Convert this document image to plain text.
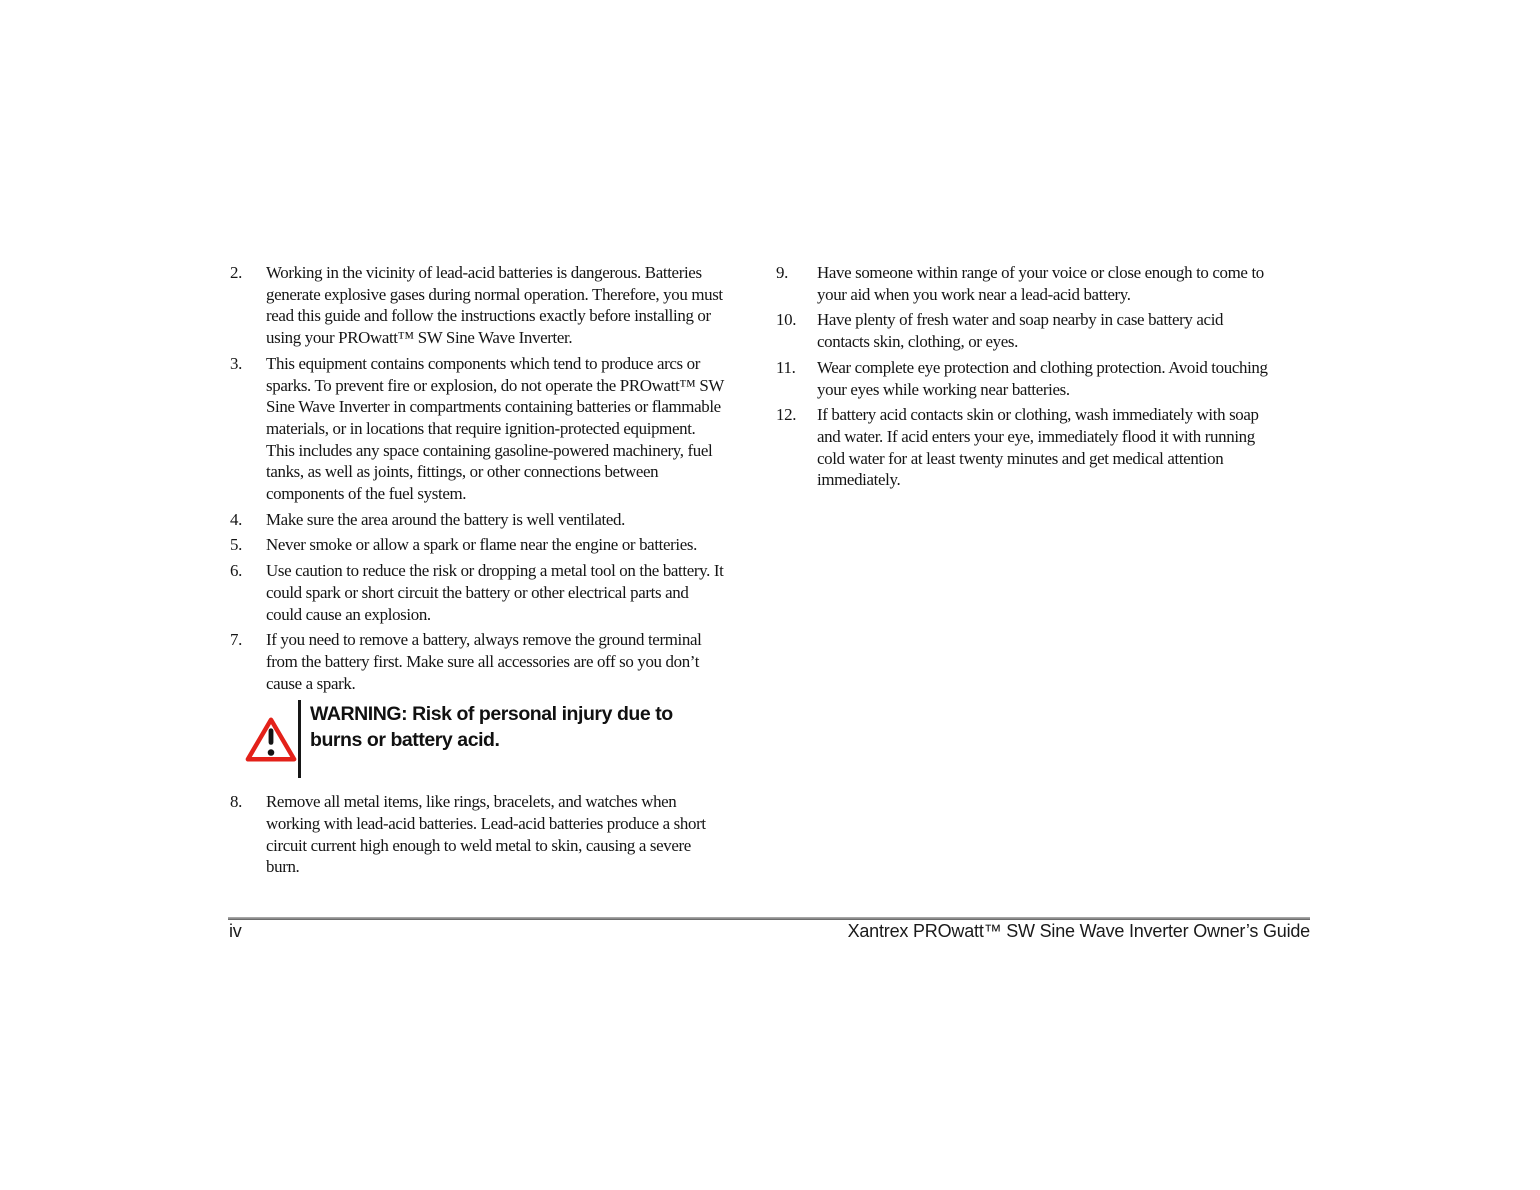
2.	Working in the vicinity of lead-acid batteries is dangerous. Batteries generate explosive gases during normal operation. Therefore, you must read this guide and follow the instructions exactly before installing or using your PROwatt™ SW Sine Wave Inverter.
3.	This equipment contains components which tend to produce arcs or sparks. To prevent fire or explosion, do not operate the PROwatt™ SW Sine Wave Inverter in compartments containing batteries or flammable materials, or in locations that require ignition-protected equipment. This includes any space containing gasoline-powered machinery, fuel tanks, as well as joints, fittings, or other connections between components of the fuel system.
4.	Make sure the area around the battery is well ventilated.
5.	Never smoke or allow a spark or flame near the engine or batteries.
6.	Use caution to reduce the risk or dropping a metal tool on the battery. It could spark or short circuit the battery or other electrical parts and could cause an explosion.
7.	If you need to remove a battery, always remove the ground terminal from the battery first. Make sure all accessories are off so you don’t cause a spark.
WARNING: Risk of personal injury due to burns or battery acid.
8.	Remove all metal items, like rings, bracelets, and watches when working with lead-acid batteries. Lead-acid batteries produce a short circuit current high enough to weld metal to skin, causing a severe burn.
9.	Have someone within range of your voice or close enough to come to your aid when you work near a lead-acid battery.
10.	Have plenty of fresh water and soap nearby in case battery acid contacts skin, clothing, or eyes.
11.	Wear complete eye protection and clothing protection. Avoid touching your eyes while working near batteries.
12.	If battery acid contacts skin or clothing, wash immediately with soap and water. If acid enters your eye, immediately flood it with running cold water for at least twenty minutes and get medical attention immediately.
iv	Xantrex PROwatt™ SW Sine Wave Inverter Owner’s Guide
